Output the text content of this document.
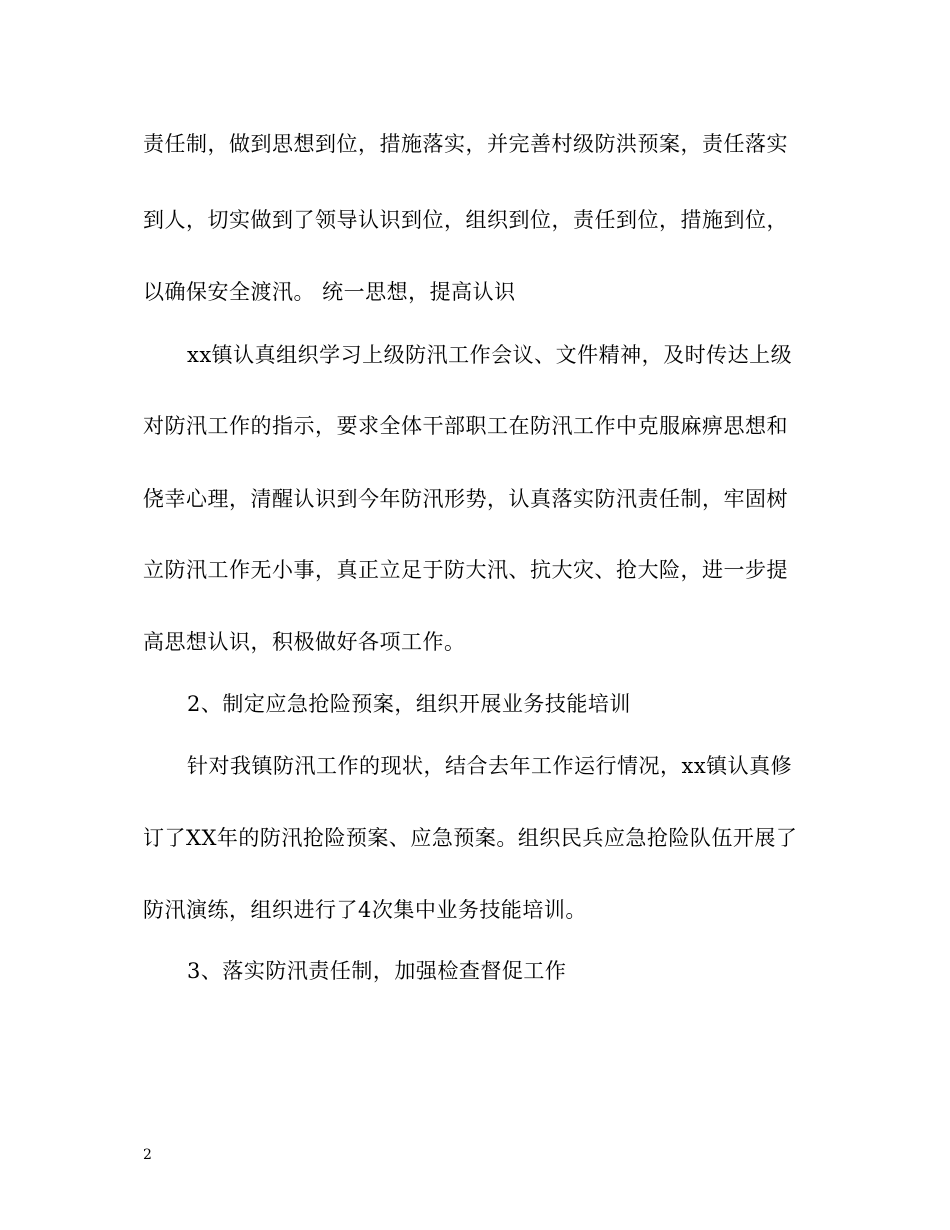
责任制，做到思想到位，措施落实，并完善村级防洪预案，责任落实
到人，切实做到了领导认识到位，组织到位，责任到位，措施到位，
以确保安全渡汛。 统一思想，提高认识
xx镇认真组织学习上级防汛工作会议、文件精神，及时传达上级
对防汛工作的指示，要求全体干部职工在防汛工作中克服麻痹思想和
侥幸心理，清醒认识到今年防汛形势，认真落实防汛责任制，牢固树
立防汛工作无小事，真正立足于防大汛、抗大灾、抢大险，进一步提
高思想认识，积极做好各项工作。
2、制定应急抢险预案，组织开展业务技能培训
针对我镇防汛工作的现状，结合去年工作运行情况，xx镇认真修
订了XX年的防汛抢险预案、应急预案。组织民兵应急抢险队伍开展了
防汛演练，组织进行了4次集中业务技能培训。
3、落实防汛责任制，加强检查督促工作
2
